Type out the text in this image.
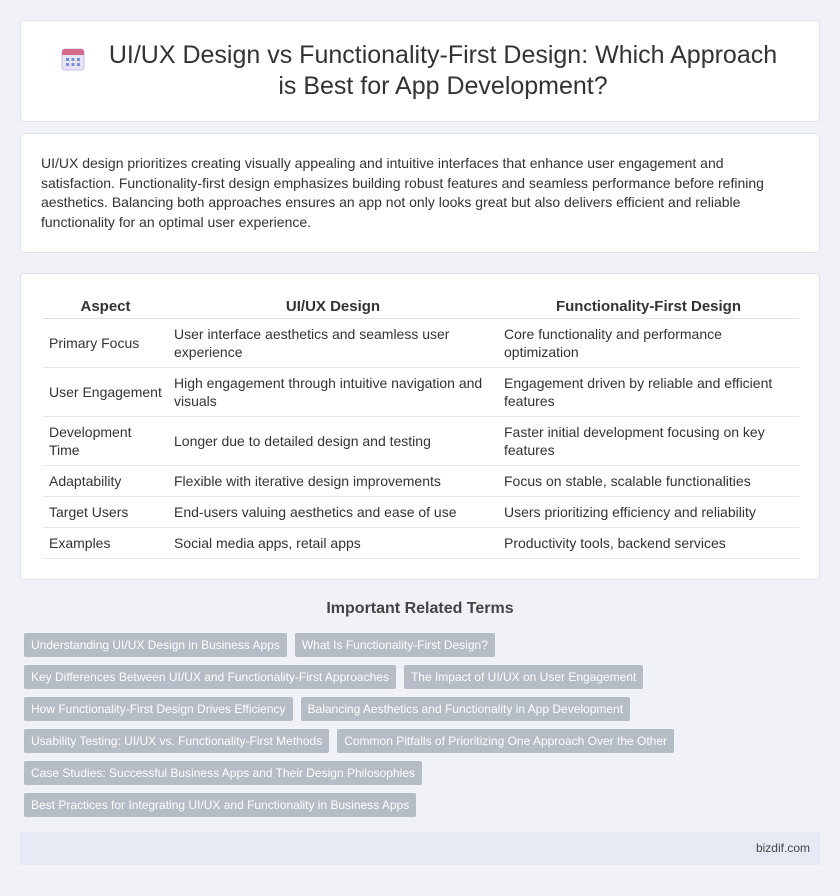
UI/UX Design vs Functionality-First Design: Which Approach is Best for App Development?

UI/UX design prioritizes creating visually appealing and intuitive interfaces that enhance user engagement and satisfaction. Functionality-first design emphasizes building robust features and seamless performance before refining aesthetics. Balancing both approaches ensures an app not only looks great but also delivers efficient and reliable functionality for an optimal user experience.

Aspect	UI/UX Design	Functionality-First Design
Primary Focus	User interface aesthetics and seamless user experience	Core functionality and performance optimization
User Engagement	High engagement through intuitive navigation and visuals	Engagement driven by reliable and efficient features
Development Time	Longer due to detailed design and testing	Faster initial development focusing on key features
Adaptability	Flexible with iterative design improvements	Focus on stable, scalable functionalities
Target Users	End-users valuing aesthetics and ease of use	Users prioritizing efficiency and reliability
Examples	Social media apps, retail apps	Productivity tools, backend services
Important Related Terms
Understanding UI/UX Design in Business Apps	What Is Functionality-First Design?
Key Differences Between UI/UX and Functionality-First Approaches	The Impact of UI/UX on User Engagement
How Functionality-First Design Drives Efficiency	Balancing Aesthetics and Functionality in App Development
Usability Testing: UI/UX vs. Functionality-First Methods	Common Pitfalls of Prioritizing One Approach Over the Other
Case Studies: Successful Business Apps and Their Design Philosophies
Best Practices for Integrating UI/UX and Functionality in Business Apps
bizdif.com
